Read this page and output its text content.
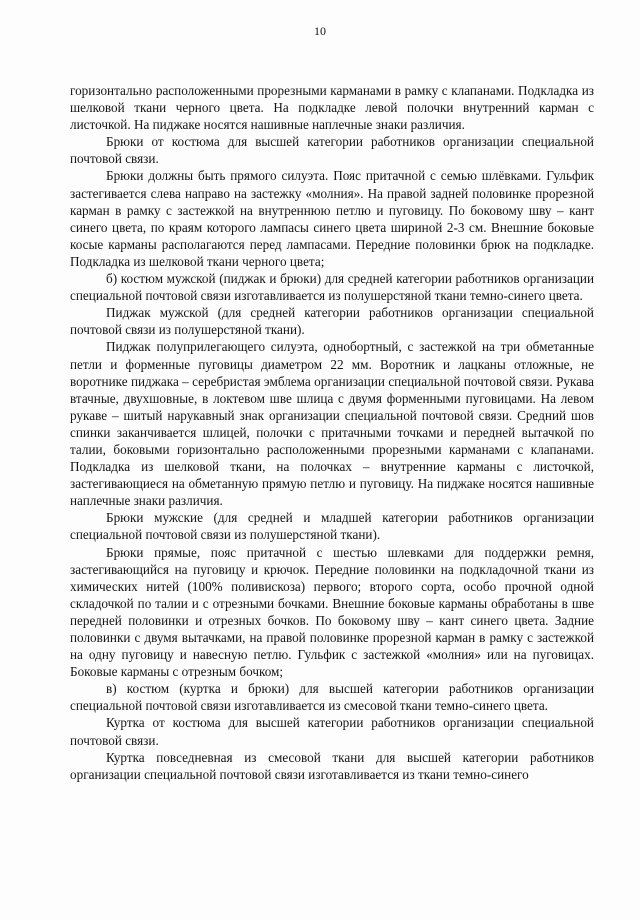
10

горизонтально расположенными прорезными карманами в рамку с клапанами. Подкладка из шелковой ткани черного цвета. На подкладке левой полочки внутренний карман с листочкой. На пиджаке носятся нашивные наплечные знаки различия.

Брюки от костюма для высшей категории работников организации специальной почтовой связи.

Брюки должны быть прямого силуэта. Пояс притачной с семью шлёвками. Гульфик застегивается слева направо на застежку «молния». На правой задней половинке прорезной карман в рамку с застежкой на внутреннюю петлю и пуговицу. По боковому шву – кант синего цвета, по краям которого лампасы синего цвета шириной 2-3 см. Внешние боковые косые карманы располагаются перед лампасами. Передние половинки брюк на подкладке. Подкладка из шелковой ткани черного цвета;

б) костюм мужской (пиджак и брюки) для средней категории работников организации специальной почтовой связи изготавливается из полушерстяной ткани темно-синего цвета.

Пиджак мужской (для средней категории работников организации специальной почтовой связи из полушерстяной ткани).

Пиджак полуприлегающего силуэта, однобортный, с застежкой на три обметанные петли и форменные пуговицы диаметром 22 мм. Воротник и лацканы отложные, не воротнике пиджака – серебристая эмблема организации специальной почтовой связи. Рукава втачные, двухшовные, в локтевом шве шлица с двумя форменными пуговицами. На левом рукаве – шитый нарукавный знак организации специальной почтовой связи. Средний шов спинки заканчивается шлицей, полочки с притачными точками и передней вытачкой по талии, боковыми горизонтально расположенными прорезными карманами с клапанами. Подкладка из шелковой ткани, на полочках – внутренние карманы с листочкой, застегивающиеся на обметанную прямую петлю и пуговицу. На пиджаке носятся нашивные наплечные знаки различия.

Брюки мужские (для средней и младшей категории работников организации специальной почтовой связи из полушерстяной ткани).

Брюки прямые, пояс притачной с шестью шлевками для поддержки ремня, застегивающийся на пуговицу и крючок. Передние половинки на подкладочной ткани из химических нитей (100% поливискоза) первого; второго сорта, особо прочной одной складочкой по талии и с отрезными бочками. Внешние боковые карманы обработаны в шве передней половинки и отрезных бочков. По боковому шву – кант синего цвета. Задние половинки с двумя вытачками, на правой половинке прорезной карман в рамку с застежкой на одну пуговицу и навесную петлю. Гульфик с застежкой «молния» или на пуговицах. Боковые карманы с отрезным бочком;

в) костюм (куртка и брюки) для высшей категории работников организации специальной почтовой связи изготавливается из смесовой ткани темно-синего цвета.

Куртка от костюма для высшей категории работников организации специальной почтовой связи.

Куртка повседневная из смесовой ткани для высшей категории работников организации специальной почтовой связи изготавливается из ткани темно-синего
